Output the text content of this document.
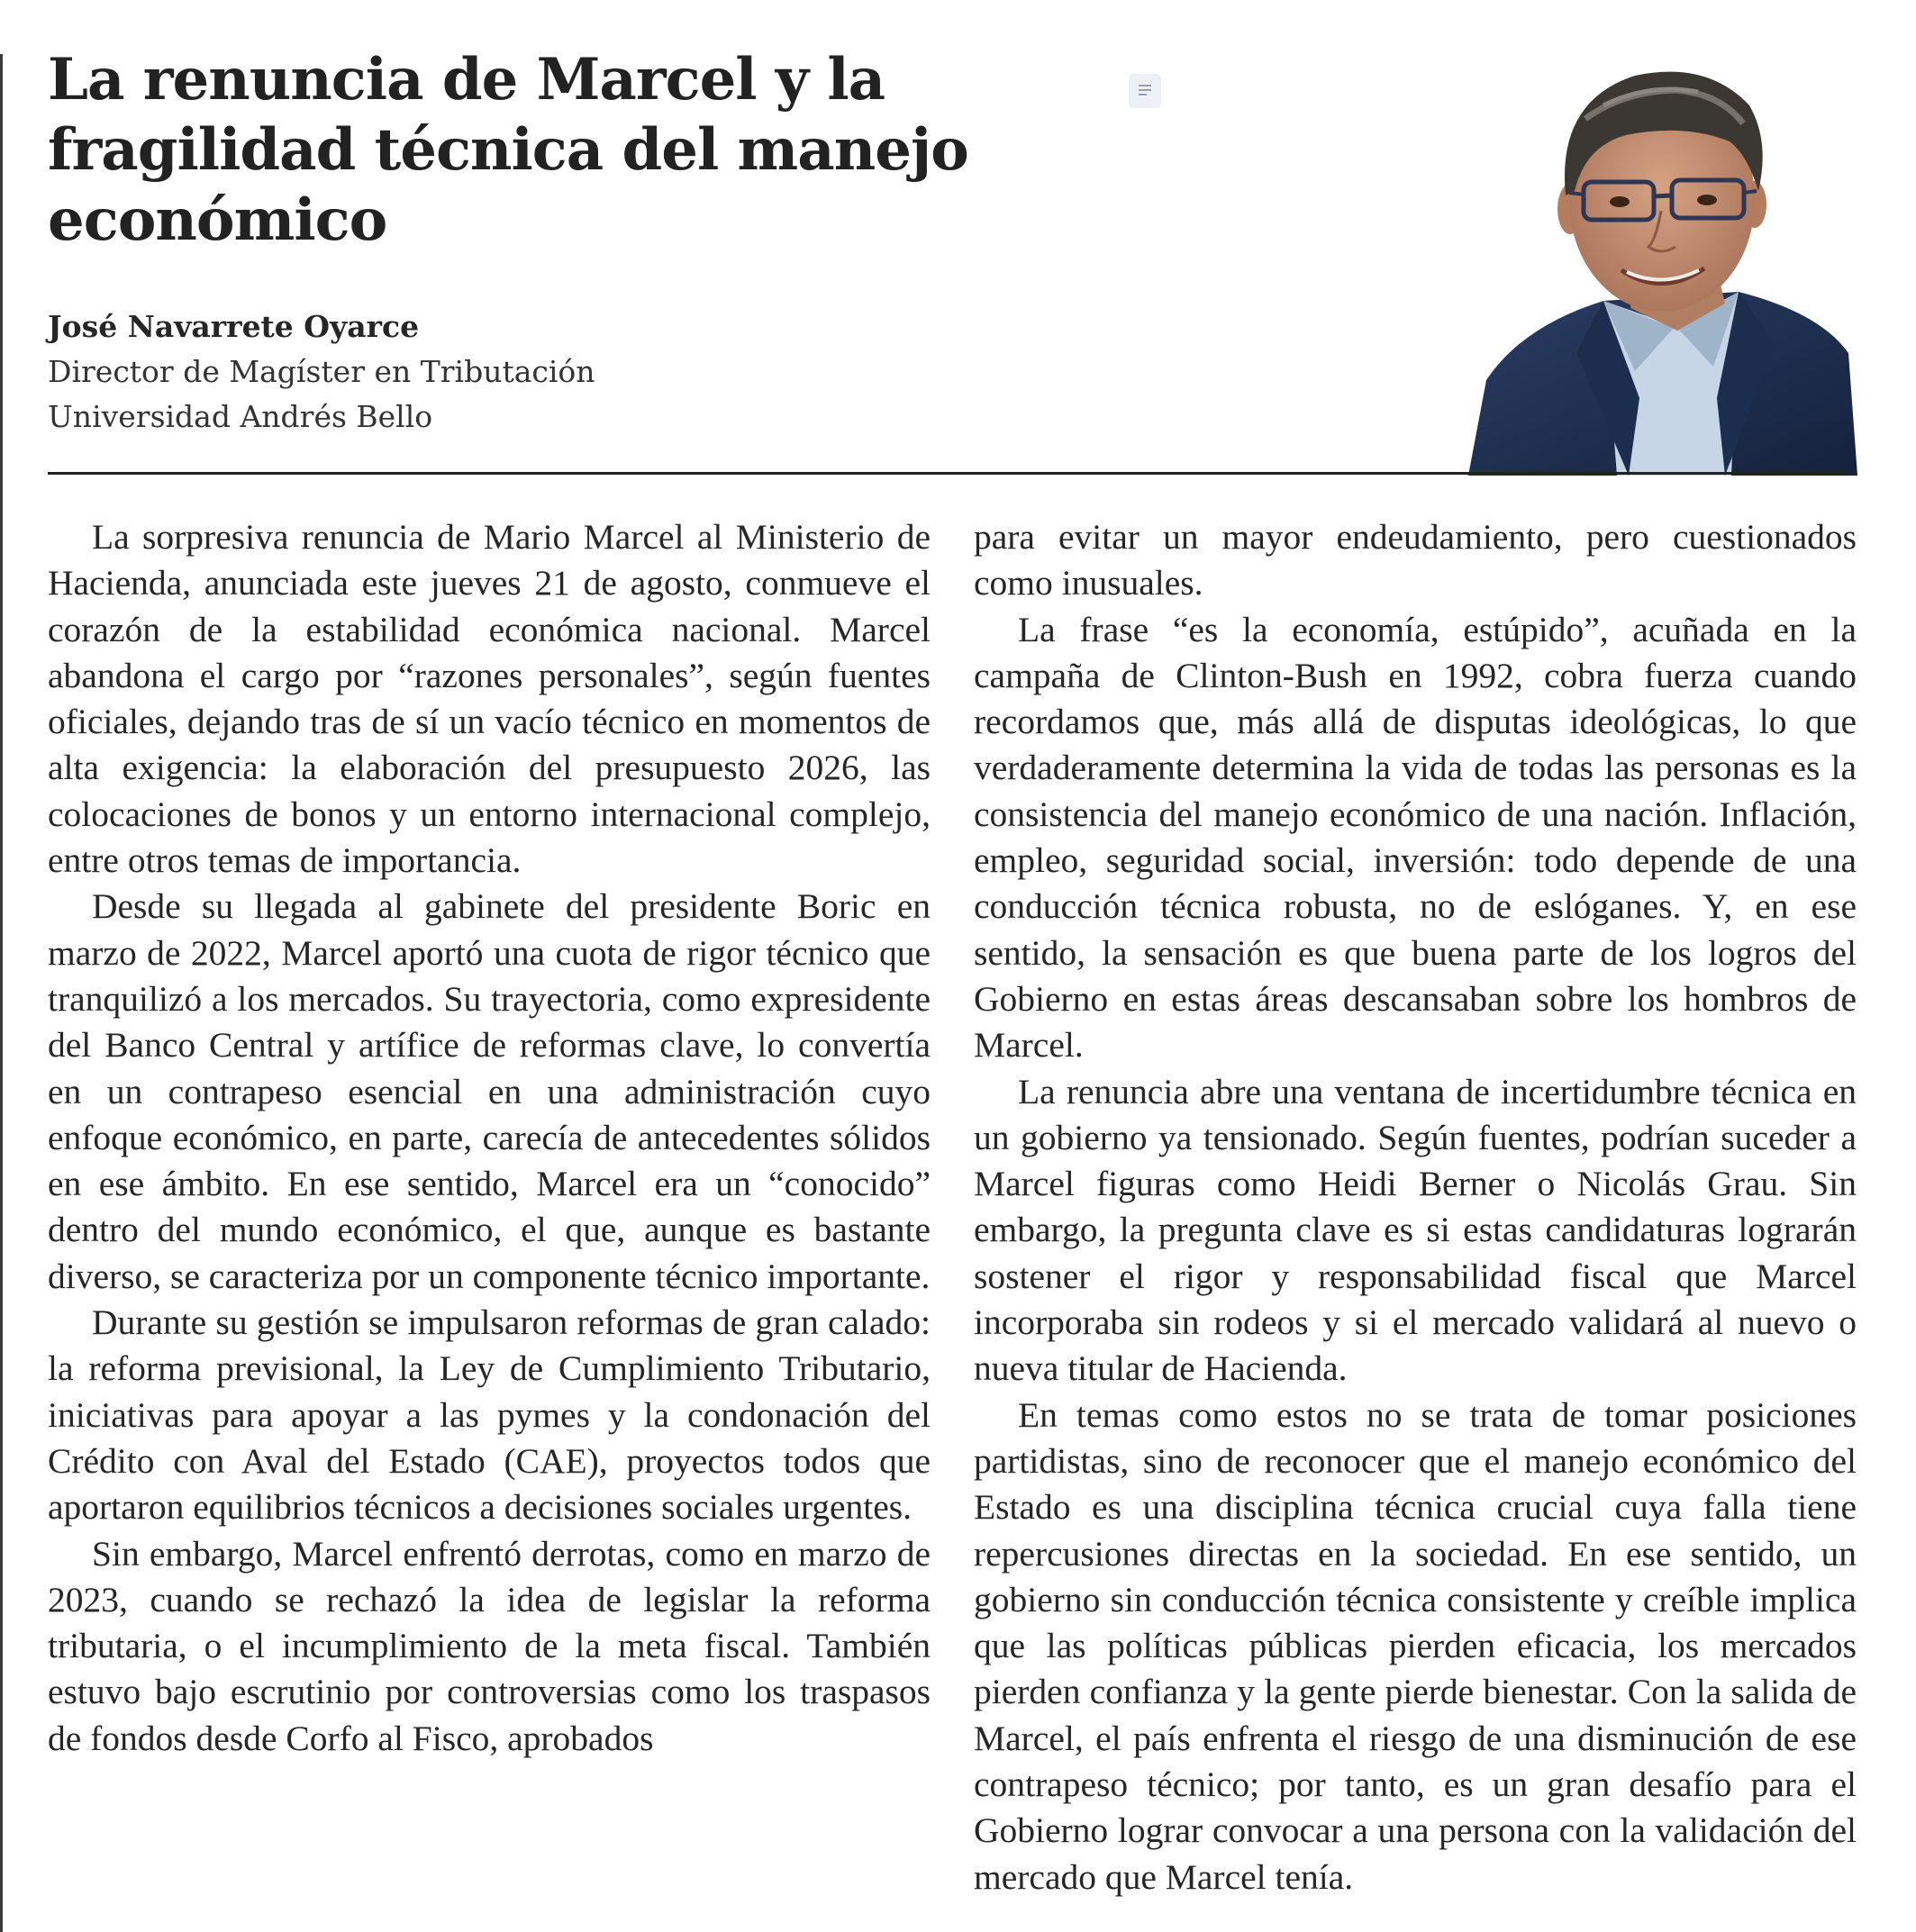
La renuncia de Marcel y la fragilidad técnica del manejo económico
José Navarrete Oyarce
Director de Magíster en Tributación
Universidad Andrés Bello

La sorpresiva renuncia de Mario Marcel al Ministerio de Hacienda, anunciada este jueves 21 de agosto, conmueve el corazón de la estabilidad económica nacional. Marcel abandona el cargo por “razones personales”, según fuentes oficiales, dejando tras de sí un vacío técnico en momentos de alta exigencia: la elaboración del presupuesto 2026, las colocaciones de bonos y un entorno internacional complejo, entre otros temas de importancia.

Desde su llegada al gabinete del presidente Boric en marzo de 2022, Marcel aportó una cuota de rigor técnico que tranquilizó a los mercados. Su trayectoria, como expresidente del Banco Central y artífice de reformas clave, lo convertía en un contrapeso esencial en una administración cuyo enfoque económico, en parte, carecía de antecedentes sólidos en ese ámbito. En ese sentido, Marcel era un “conocido” dentro del mundo económico, el que, aunque es bastante diverso, se caracteriza por un componente técnico importante.

Durante su gestión se impulsaron reformas de gran calado: la reforma previsional, la Ley de Cumplimiento Tributario, iniciativas para apoyar a las pymes y la condonación del Crédito con Aval del Estado (CAE), proyectos todos que aportaron equilibrios técnicos a decisiones sociales urgentes.

Sin embargo, Marcel enfrentó derrotas, como en marzo de 2023, cuando se rechazó la idea de legislar la reforma tributaria, o el incumplimiento de la meta fiscal. También estuvo bajo escrutinio por controversias como los traspasos de fondos desde Corfo al Fisco, aprobados

para evitar un mayor endeudamiento, pero cuestionados como inusuales.

La frase “es la economía, estúpido”, acuñada en la campaña de Clinton-Bush en 1992, cobra fuerza cuando recordamos que, más allá de disputas ideológicas, lo que verdaderamente determina la vida de todas las personas es la consistencia del manejo económico de una nación. Inflación, empleo, seguridad social, inversión: todo depende de una conducción técnica robusta, no de eslóganes. Y, en ese sentido, la sensación es que buena parte de los logros del Gobierno en estas áreas descansaban sobre los hombros de Marcel.

La renuncia abre una ventana de incertidumbre técnica en un gobierno ya tensionado. Según fuentes, podrían suceder a Marcel figuras como Heidi Berner o Nicolás Grau. Sin embargo, la pregunta clave es si estas candidaturas lograrán sostener el rigor y responsabilidad fiscal que Marcel incorporaba sin rodeos y si el mercado validará al nuevo o nueva titular de Hacienda.

En temas como estos no se trata de tomar posiciones partidistas, sino de reconocer que el manejo económico del Estado es una disciplina técnica crucial cuya falla tiene repercusiones directas en la sociedad. En ese sentido, un gobierno sin conducción técnica consistente y creíble implica que las políticas públicas pierden eficacia, los mercados pierden confianza y la gente pierde bienestar. Con la salida de Marcel, el país enfrenta el riesgo de una disminución de ese contrapeso técnico; por tanto, es un gran desafío para el Gobierno lograr convocar a una persona con la validación del mercado que Marcel tenía.
